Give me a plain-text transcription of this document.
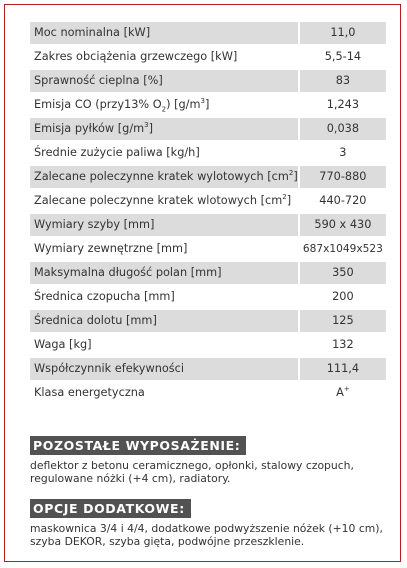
Moc nominalna [kW]	11,0
Zakres obciążenia grzewczego [kW]	5,5-14
Sprawność cieplna [%]	83
Emisja CO (przy13% $O_2$) $[g/m^3]$	1,243
Emisja pyłków $[g/m^3]$	0,038
Średnie zużycie paliwa [kg/h]	3
Zalecane poleczynne kratek wylotowych $[cm^2]$	770-880
Zalecane poleczynne kratek wlotowych $[cm^2]$	440-720
Wymiary szyby [mm]	590 x 430
Wymiary zewnętrzne [mm]	687x1049x523
Maksymalna długość polan [mm]	350
Średnica czopucha [mm]	200
Średnica dolotu [mm]	125
Waga [kg]	132
Współczynnik efekywności	111,4
Klasa energetyczna	A+
POZOSTAŁE WYPOSAŻENIE:
deflektor z betonu ceramicznego, opłonki, stalowy czopuch,
regulowane nóżki (+4 cm), radiatory.
OPCJE DODATKOWE:
maskownica 3/4 i 4/4, dodatkowe podwyższenie nóżek (+10 cm),
szyba DEKOR, szyba gięta, podwójne przeszklenie.
